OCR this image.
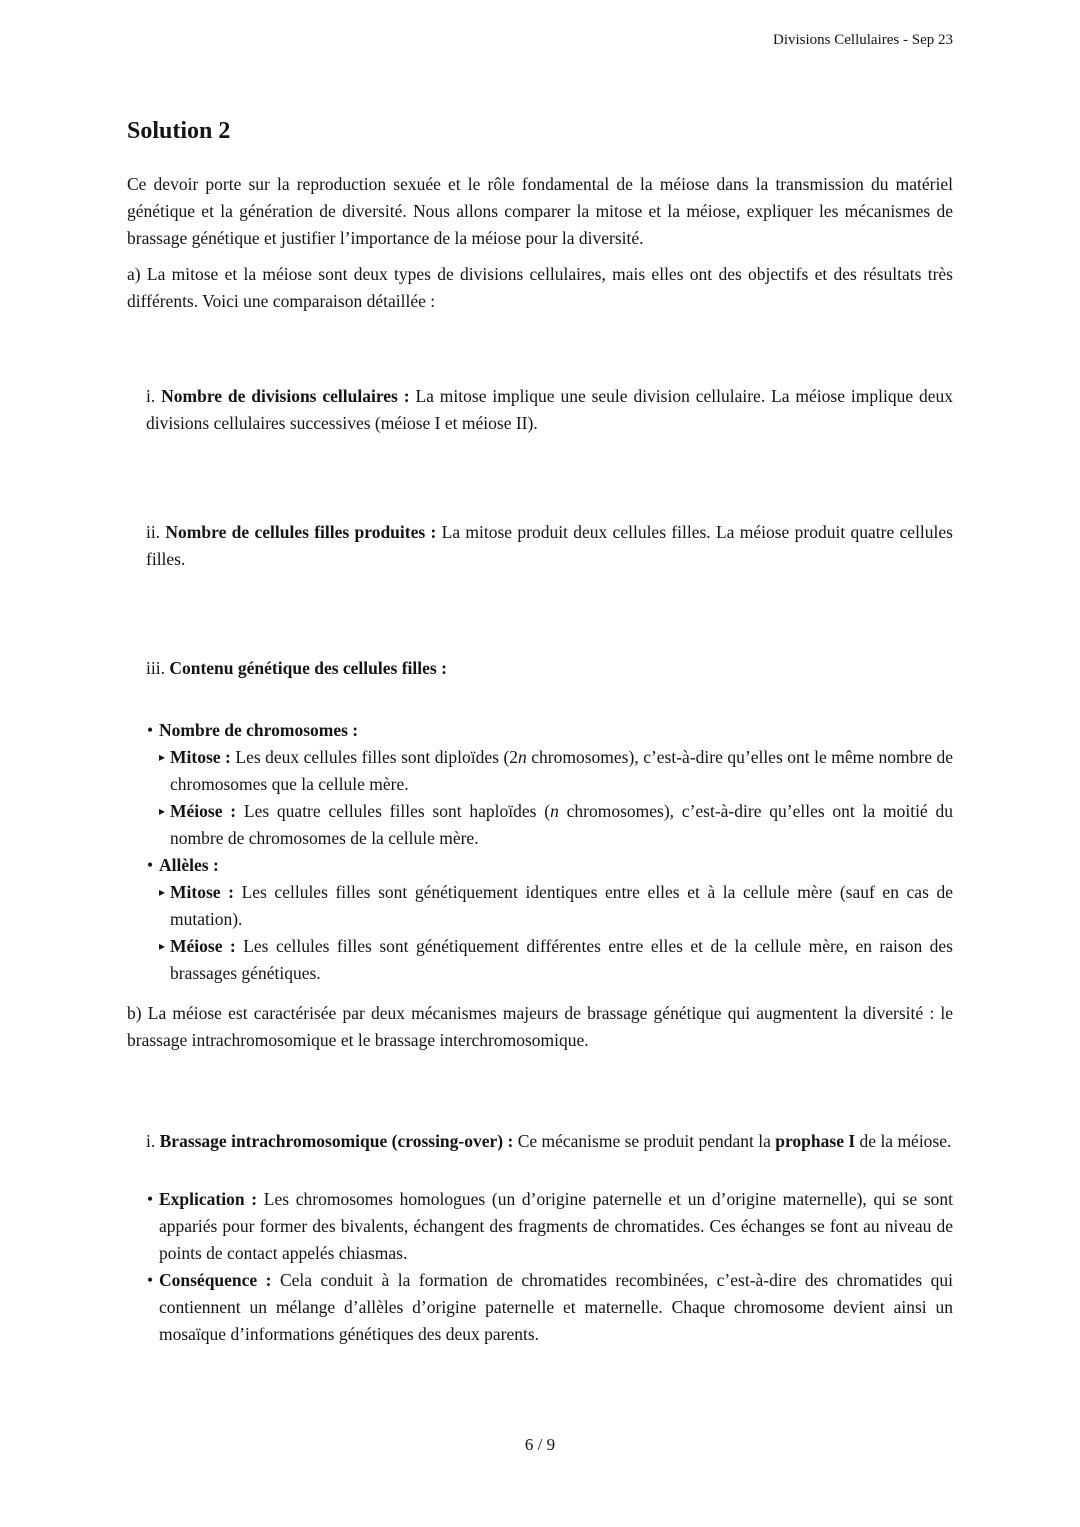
Divisions Cellulaires - Sep 23
Solution 2

Ce devoir porte sur la reproduction sexuée et le rôle fondamental de la méiose dans la transmission du matériel génétique et la génération de diversité. Nous allons comparer la mitose et la méiose, expliquer les mécanismes de brassage génétique et justifier l’importance de la méiose pour la diversité.

a) La mitose et la méiose sont deux types de divisions cellulaires, mais elles ont des objectifs et des résultats très différents. Voici une comparaison détaillée :

i. Nombre de divisions cellulaires : La mitose implique une seule division cellulaire. La méiose implique deux divisions cellulaires successives (méiose I et méiose II).

ii. Nombre de cellules filles produites : La mitose produit deux cellules filles. La méiose produit quatre cellules filles.

iii. Contenu génétique des cellules filles :

• Nombre de chromosomes :
▸ Mitose : Les deux cellules filles sont diploïdes (2n chromosomes), c’est-à-dire qu’elles ont le même nombre de chromosomes que la cellule mère.
▸ Méiose : Les quatre cellules filles sont haploïdes (n chromosomes), c’est-à-dire qu’elles ont la moitié du nombre de chromosomes de la cellule mère.
• Allèles :
▸ Mitose : Les cellules filles sont génétiquement identiques entre elles et à la cellule mère (sauf en cas de mutation).
▸ Méiose : Les cellules filles sont génétiquement différentes entre elles et de la cellule mère, en raison des brassages génétiques.

b) La méiose est caractérisée par deux mécanismes majeurs de brassage génétique qui augmentent la diversité : le brassage intrachromosomique et le brassage interchromosomique.

i. Brassage intrachromosomique (crossing-over) : Ce mécanisme se produit pendant la prophase I de la méiose.

• Explication : Les chromosomes homologues (un d’origine paternelle et un d’origine maternelle), qui se sont appariés pour former des bivalents, échangent des fragments de chromatides. Ces échanges se font au niveau de points de contact appelés chiasmas.
• Conséquence : Cela conduit à la formation de chromatides recombinées, c’est-à-dire des chromatides qui contiennent un mélange d’allèles d’origine paternelle et maternelle. Chaque chromosome devient ainsi un mosaïque d’informations génétiques des deux parents.
6 / 9
